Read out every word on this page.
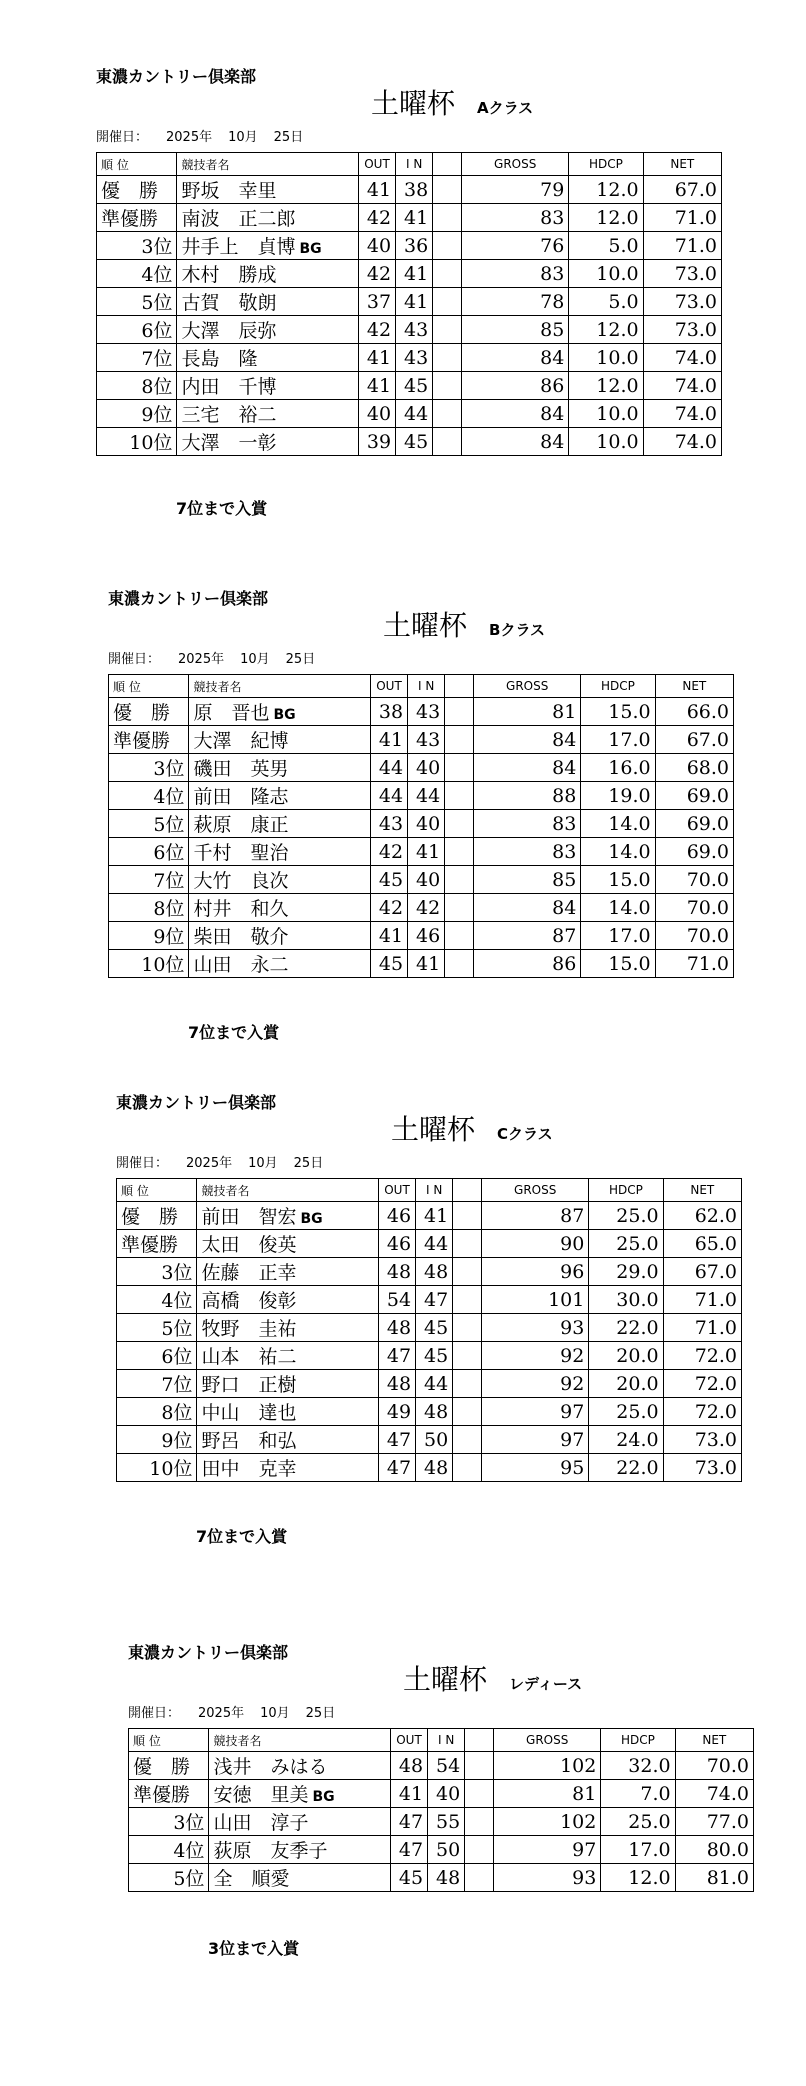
東濃カントリー倶楽部
土曜杯 Aクラス
開催日： 2025年 10月 25日
順 位	競技者名	OUT	I N		GROSS	HDCP	NET
優　勝	野坂　幸里	41	38		79	12.0	67.0
準優勝	南波　正二郎	42	41		83	12.0	71.0
3位	井手上　貞博 BG	40	36		76	5.0	71.0
4位	木村　勝成	42	41		83	10.0	73.0
5位	古賀　敬朗	37	41		78	5.0	73.0
6位	大澤　辰弥	42	43		85	12.0	73.0
7位	長島　隆	41	43		84	10.0	74.0
8位	内田　千博	41	45		86	12.0	74.0
9位	三宅　裕二	40	44		84	10.0	74.0
10位	大澤　一彰	39	45		84	10.0	74.0
7位まで入賞
東濃カントリー倶楽部
土曜杯 Bクラス
開催日： 2025年 10月 25日
順 位	競技者名	OUT	I N		GROSS	HDCP	NET
優　勝	原　晋也 BG	38	43		81	15.0	66.0
準優勝	大澤　紀博	41	43		84	17.0	67.0
3位	磯田　英男	44	40		84	16.0	68.0
4位	前田　隆志	44	44		88	19.0	69.0
5位	萩原　康正	43	40		83	14.0	69.0
6位	千村　聖治	42	41		83	14.0	69.0
7位	大竹　良次	45	40		85	15.0	70.0
8位	村井　和久	42	42		84	14.0	70.0
9位	柴田　敬介	41	46		87	17.0	70.0
10位	山田　永二	45	41		86	15.0	71.0
7位まで入賞
東濃カントリー倶楽部
土曜杯 Cクラス
開催日： 2025年 10月 25日
順 位	競技者名	OUT	I N		GROSS	HDCP	NET
優　勝	前田　智宏 BG	46	41		87	25.0	62.0
準優勝	太田　俊英	46	44		90	25.0	65.0
3位	佐藤　正幸	48	48		96	29.0	67.0
4位	高橋　俊彰	54	47		101	30.0	71.0
5位	牧野　圭祐	48	45		93	22.0	71.0
6位	山本　祐二	47	45		92	20.0	72.0
7位	野口　正樹	48	44		92	20.0	72.0
8位	中山　達也	49	48		97	25.0	72.0
9位	野呂　和弘	47	50		97	24.0	73.0
10位	田中　克幸	47	48		95	22.0	73.0
7位まで入賞
東濃カントリー倶楽部
土曜杯 レディース
開催日： 2025年 10月 25日
順 位	競技者名	OUT	I N		GROSS	HDCP	NET
優　勝	浅井　みはる	48	54		102	32.0	70.0
準優勝	安徳　里美 BG	41	40		81	7.0	74.0
3位	山田　淳子	47	55		102	25.0	77.0
4位	荻原　友季子	47	50		97	17.0	80.0
5位	全　順愛	45	48		93	12.0	81.0
3位まで入賞
